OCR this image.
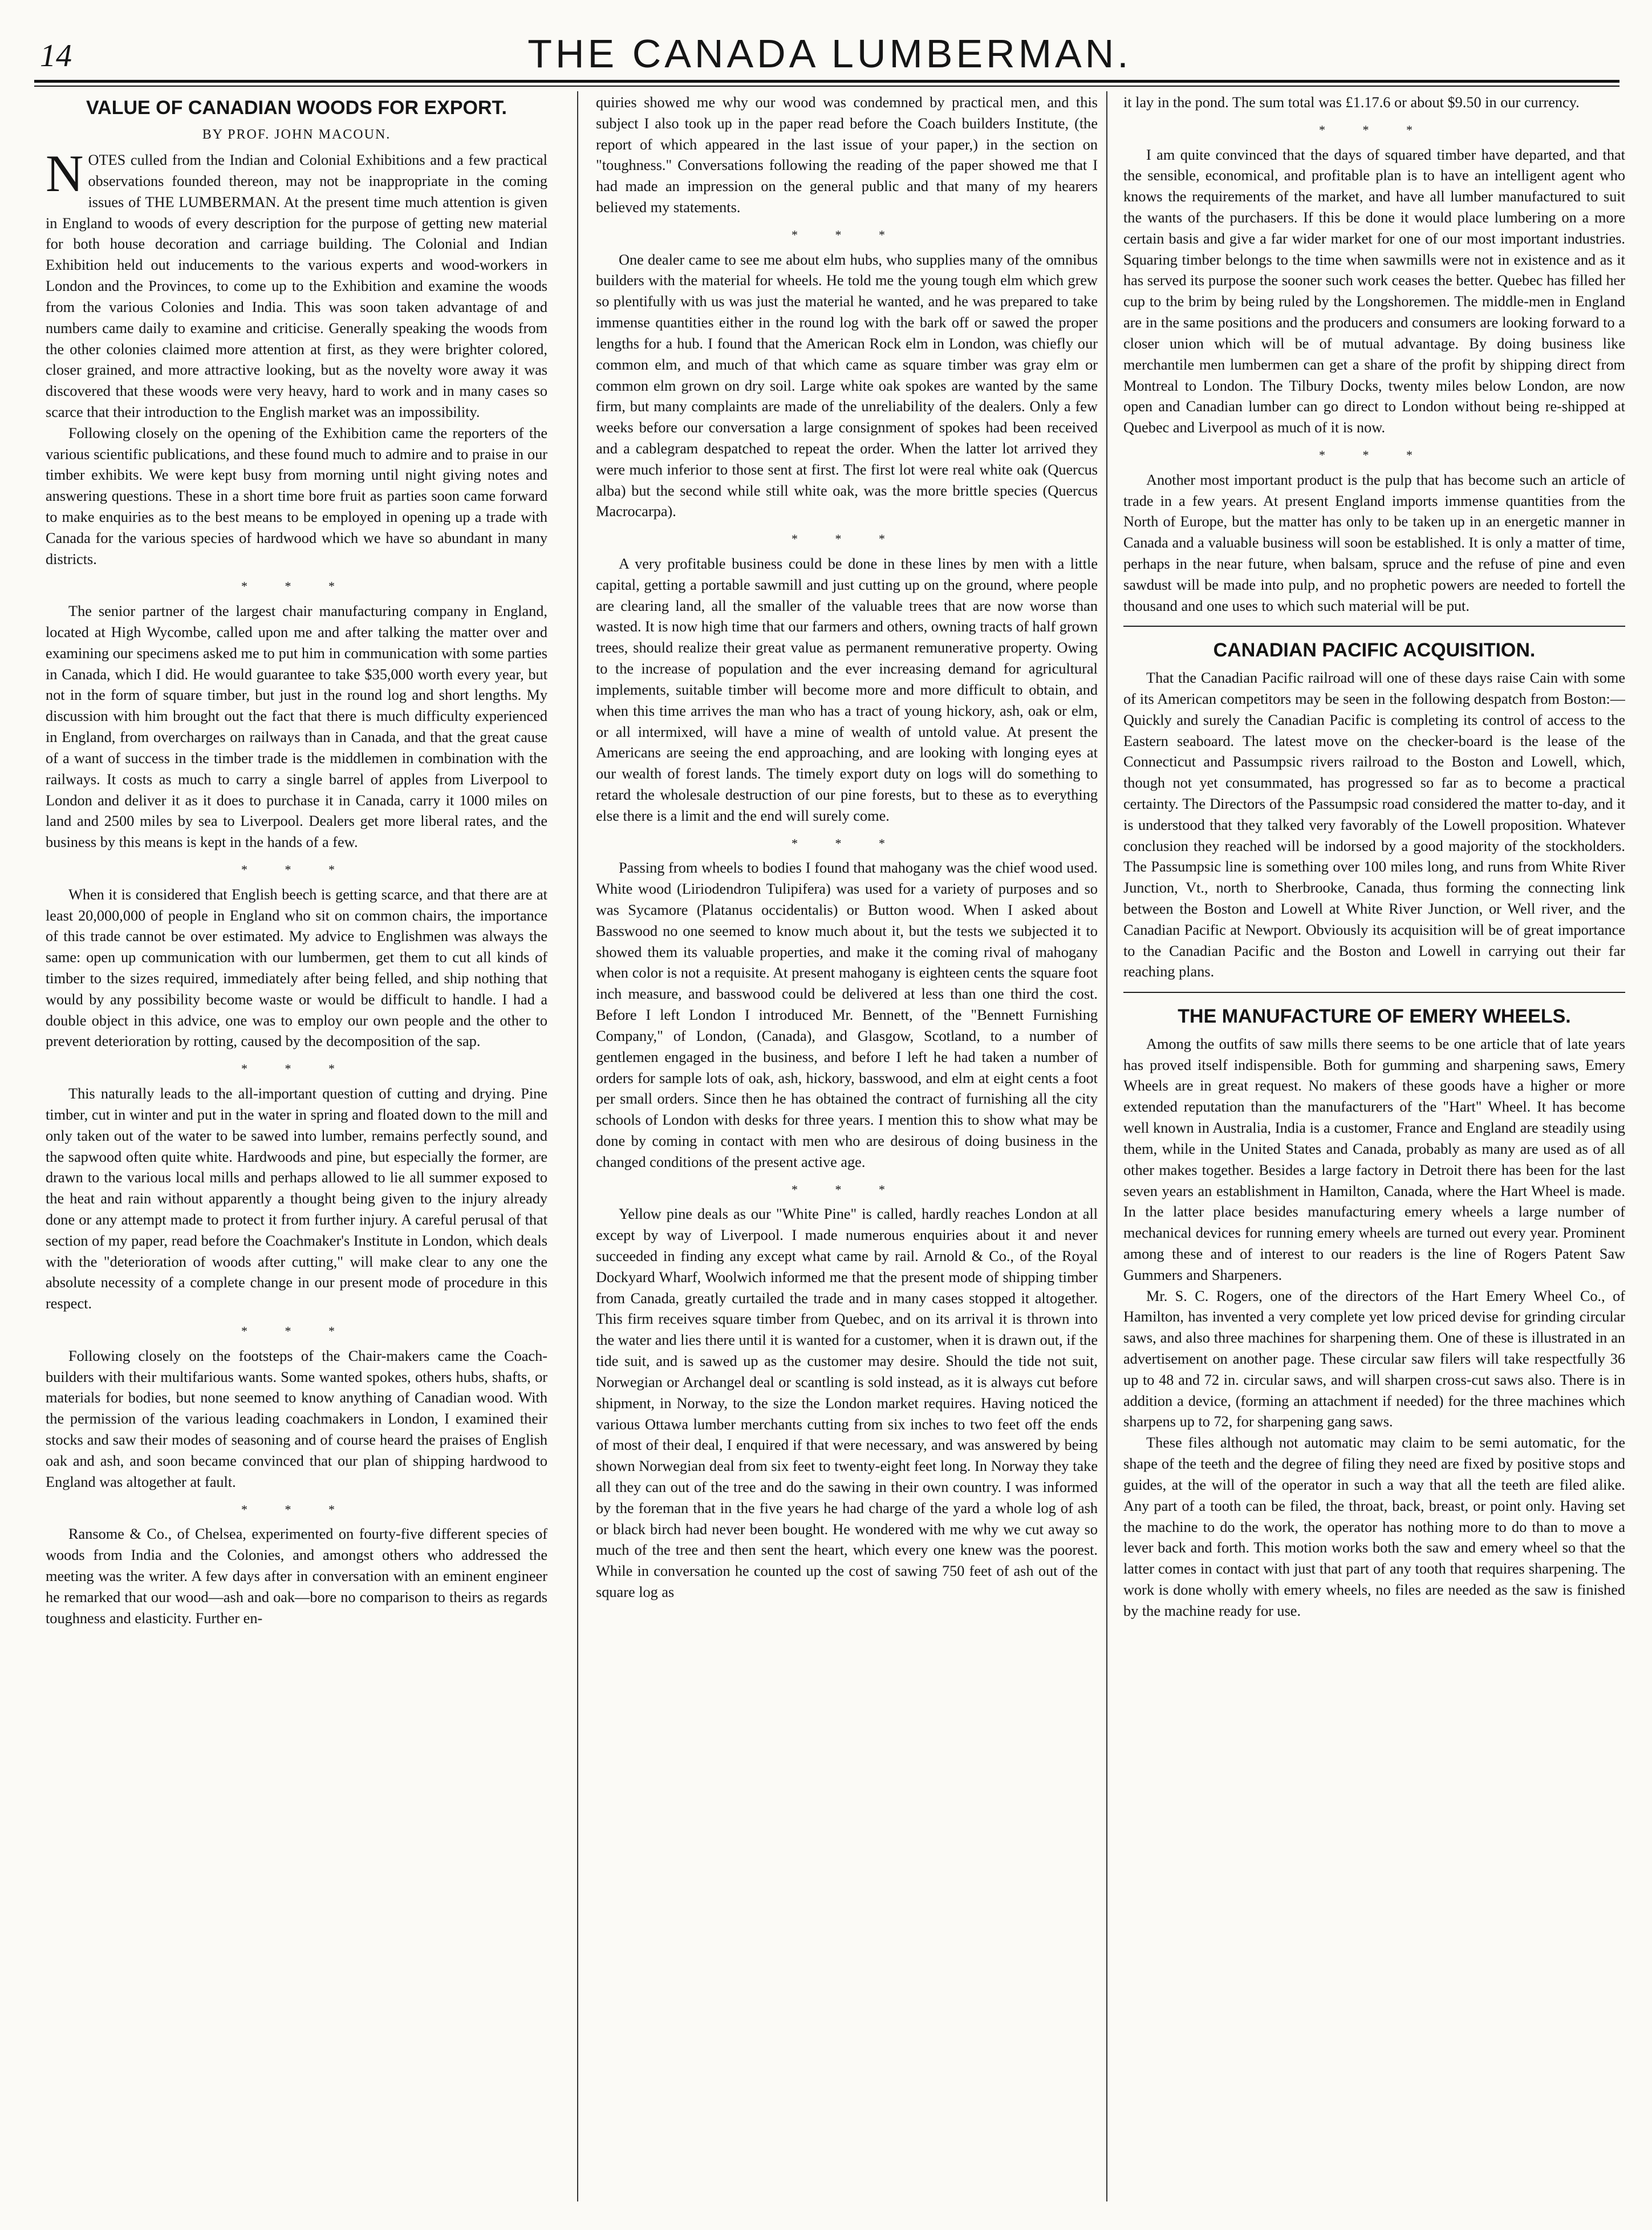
14	THE CANADA LUMBERMAN.
VALUE OF CANADIAN WOODS FOR EXPORT.
BY PROF. JOHN MACOUN.

NOTES culled from the Indian and Colonial Exhibitions and a few practical observations founded thereon, may not be inappropriate in the coming issues of THE LUMBERMAN. At the present time much attention is given in England to woods of every description for the purpose of getting new material for both house decoration and carriage building. The Colonial and Indian Exhibition held out inducements to the various experts and wood-workers in London and the Provinces, to come up to the Exhibition and examine the woods from the various Colonies and India. This was soon taken advantage of and numbers came daily to examine and criticise. Generally speaking the woods from the other colonies claimed more attention at first, as they were brighter colored, closer grained, and more attractive looking, but as the novelty wore away it was discovered that these woods were very heavy, hard to work and in many cases so scarce that their introduction to the English market was an impossibility.

Following closely on the opening of the Exhibition came the reporters of the various scientific publications, and these found much to admire and to praise in our timber exhibits. We were kept busy from morning until night giving notes and answering questions. These in a short time bore fruit as parties soon came forward to make enquiries as to the best means to be employed in opening up a trade with Canada for the various species of hardwood which we have so abundant in many districts.

* * *

The senior partner of the largest chair manufacturing company in England, located at High Wycombe, called upon me and after talking the matter over and examining our specimens asked me to put him in communication with some parties in Canada, which I did. He would guarantee to take $35,000 worth every year, but not in the form of square timber, but just in the round log and short lengths. My discussion with him brought out the fact that there is much difficulty experienced in England, from overcharges on railways than in Canada, and that the great cause of a want of success in the timber trade is the middlemen in combination with the railways. It costs as much to carry a single barrel of apples from Liverpool to London and deliver it as it does to purchase it in Canada, carry it 1000 miles on land and 2500 miles by sea to Liverpool. Dealers get more liberal rates, and the business by this means is kept in the hands of a few.

* * *

When it is considered that English beech is getting scarce, and that there are at least 20,000,000 of people in England who sit on common chairs, the importance of this trade cannot be over estimated. My advice to Englishmen was always the same: open up communication with our lumbermen, get them to cut all kinds of timber to the sizes required, immediately after being felled, and ship nothing that would by any possibility become waste or would be difficult to handle. I had a double object in this advice, one was to employ our own people and the other to prevent deterioration by rotting, caused by the decomposition of the sap.

* * *

This naturally leads to the all-important question of cutting and drying. Pine timber, cut in winter and put in the water in spring and floated down to the mill and only taken out of the water to be sawed into lumber, remains perfectly sound, and the sapwood often quite white. Hardwoods and pine, but especially the former, are drawn to the various local mills and perhaps allowed to lie all summer exposed to the heat and rain without apparently a thought being given to the injury already done or any attempt made to protect it from further injury. A careful perusal of that section of my paper, read before the Coachmaker's Institute in London, which deals with the "deterioration of woods after cutting," will make clear to any one the absolute necessity of a complete change in our present mode of procedure in this respect.

* * *

Following closely on the footsteps of the Chair-makers came the Coach-builders with their multifarious wants. Some wanted spokes, others hubs, shafts, or materials for bodies, but none seemed to know anything of Canadian wood. With the permission of the various leading coachmakers in London, I examined their stocks and saw their modes of seasoning and of course heard the praises of English oak and ash, and soon became convinced that our plan of shipping hardwood to England was altogether at fault.

* * *

Ransome & Co., of Chelsea, experimented on fourty-five different species of woods from India and the Colonies, and amongst others who addressed the meeting was the writer. A few days after in conversation with an eminent engineer he remarked that our wood—ash and oak—bore no comparison to theirs as regards toughness and elasticity. Further en-

quiries showed me why our wood was condemned by practical men, and this subject I also took up in the paper read before the Coach builders Institute, (the report of which appeared in the last issue of your paper,) in the section on "toughness." Conversations following the reading of the paper showed me that I had made an impression on the general public and that many of my hearers believed my statements.

* * *

One dealer came to see me about elm hubs, who supplies many of the omnibus builders with the material for wheels. He told me the young tough elm which grew so plentifully with us was just the material he wanted, and he was prepared to take immense quantities either in the round log with the bark off or sawed the proper lengths for a hub. I found that the American Rock elm in London, was chiefly our common elm, and much of that which came as square timber was gray elm or common elm grown on dry soil. Large white oak spokes are wanted by the same firm, but many complaints are made of the unreliability of the dealers. Only a few weeks before our conversation a large consignment of spokes had been received and a cablegram despatched to repeat the order. When the latter lot arrived they were much inferior to those sent at first. The first lot were real white oak (Quercus alba) but the second while still white oak, was the more brittle species (Quercus Macrocarpa).

* * *

A very profitable business could be done in these lines by men with a little capital, getting a portable sawmill and just cutting up on the ground, where people are clearing land, all the smaller of the valuable trees that are now worse than wasted. It is now high time that our farmers and others, owning tracts of half grown trees, should realize their great value as permanent remunerative property. Owing to the increase of population and the ever increasing demand for agricultural implements, suitable timber will become more and more difficult to obtain, and when this time arrives the man who has a tract of young hickory, ash, oak or elm, or all intermixed, will have a mine of wealth of untold value. At present the Americans are seeing the end approaching, and are looking with longing eyes at our wealth of forest lands. The timely export duty on logs will do something to retard the wholesale destruction of our pine forests, but to these as to everything else there is a limit and the end will surely come.

* * *

Passing from wheels to bodies I found that mahogany was the chief wood used. White wood (Liriodendron Tulipifera) was used for a variety of purposes and so was Sycamore (Platanus occidentalis) or Button wood. When I asked about Basswood no one seemed to know much about it, but the tests we subjected it to showed them its valuable properties, and make it the coming rival of mahogany when color is not a requisite. At present mahogany is eighteen cents the square foot inch measure, and basswood could be delivered at less than one third the cost. Before I left London I introduced Mr. Bennett, of the "Bennett Furnishing Company," of London, (Canada), and Glasgow, Scotland, to a number of gentlemen engaged in the business, and before I left he had taken a number of orders for sample lots of oak, ash, hickory, basswood, and elm at eight cents a foot per small orders. Since then he has obtained the contract of furnishing all the city schools of London with desks for three years. I mention this to show what may be done by coming in contact with men who are desirous of doing business in the changed conditions of the present active age.

* * *

Yellow pine deals as our "White Pine" is called, hardly reaches London at all except by way of Liverpool. I made numerous enquiries about it and never succeeded in finding any except what came by rail. Arnold & Co., of the Royal Dockyard Wharf, Woolwich informed me that the present mode of shipping timber from Canada, greatly curtailed the trade and in many cases stopped it altogether. This firm receives square timber from Quebec, and on its arrival it is thrown into the water and lies there until it is wanted for a customer, when it is drawn out, if the tide suit, and is sawed up as the customer may desire. Should the tide not suit, Norwegian or Archangel deal or scantling is sold instead, as it is always cut before shipment, in Norway, to the size the London market requires. Having noticed the various Ottawa lumber merchants cutting from six inches to two feet off the ends of most of their deal, I enquired if that were necessary, and was answered by being shown Norwegian deal from six feet to twenty-eight feet long. In Norway they take all they can out of the tree and do the sawing in their own country. I was informed by the foreman that in the five years he had charge of the yard a whole log of ash or black birch had never been bought. He wondered with me why we cut away so much of the tree and then sent the heart, which every one knew was the poorest. While in conversation he counted up the cost of sawing 750 feet of ash out of the square log as

it lay in the pond. The sum total was £1.17.6 or about $9.50 in our currency.

* * *

I am quite convinced that the days of squared timber have departed, and that the sensible, economical, and profitable plan is to have an intelligent agent who knows the requirements of the market, and have all lumber manufactured to suit the wants of the purchasers. If this be done it would place lumbering on a more certain basis and give a far wider market for one of our most important industries. Squaring timber belongs to the time when sawmills were not in existence and as it has served its purpose the sooner such work ceases the better. Quebec has filled her cup to the brim by being ruled by the Longshoremen. The middle-men in England are in the same positions and the producers and consumers are looking forward to a closer union which will be of mutual advantage. By doing business like merchantile men lumbermen can get a share of the profit by shipping direct from Montreal to London. The Tilbury Docks, twenty miles below London, are now open and Canadian lumber can go direct to London without being re-shipped at Quebec and Liverpool as much of it is now.

* * *

Another most important product is the pulp that has become such an article of trade in a few years. At present England imports immense quantities from the North of Europe, but the matter has only to be taken up in an energetic manner in Canada and a valuable business will soon be established. It is only a matter of time, perhaps in the near future, when balsam, spruce and the refuse of pine and even sawdust will be made into pulp, and no prophetic powers are needed to fortell the thousand and one uses to which such material will be put.

CANADIAN PACIFIC ACQUISITION.

That the Canadian Pacific railroad will one of these days raise Cain with some of its American competitors may be seen in the following despatch from Boston:—Quickly and surely the Canadian Pacific is completing its control of access to the Eastern seaboard. The latest move on the checker-board is the lease of the Connecticut and Passumpsic rivers railroad to the Boston and Lowell, which, though not yet consummated, has progressed so far as to become a practical certainty. The Directors of the Passumpsic road considered the matter to-day, and it is understood that they talked very favorably of the Lowell proposition. Whatever conclusion they reached will be indorsed by a good majority of the stockholders. The Passumpsic line is something over 100 miles long, and runs from White River Junction, Vt., north to Sherbrooke, Canada, thus forming the connecting link between the Boston and Lowell at White River Junction, or Well river, and the Canadian Pacific at Newport. Obviously its acquisition will be of great importance to the Canadian Pacific and the Boston and Lowell in carrying out their far reaching plans.

THE MANUFACTURE OF EMERY WHEELS.

Among the outfits of saw mills there seems to be one article that of late years has proved itself indispensible. Both for gumming and sharpening saws, Emery Wheels are in great request. No makers of these goods have a higher or more extended reputation than the manufacturers of the "Hart" Wheel. It has become well known in Australia, India is a customer, France and England are steadily using them, while in the United States and Canada, probably as many are used as of all other makes together. Besides a large factory in Detroit there has been for the last seven years an establishment in Hamilton, Canada, where the Hart Wheel is made. In the latter place besides manufacturing emery wheels a large number of mechanical devices for running emery wheels are turned out every year. Prominent among these and of interest to our readers is the line of Rogers Patent Saw Gummers and Sharpeners.

Mr. S. C. Rogers, one of the directors of the Hart Emery Wheel Co., of Hamilton, has invented a very complete yet low priced devise for grinding circular saws, and also three machines for sharpening them. One of these is illustrated in an advertisement on another page. These circular saw filers will take respectfully 36 up to 48 and 72 in. circular saws, and will sharpen cross-cut saws also. There is in addition a device, (forming an attachment if needed) for the three machines which sharpens up to 72, for sharpening gang saws.

These files although not automatic may claim to be semi automatic, for the shape of the teeth and the degree of filing they need are fixed by positive stops and guides, at the will of the operator in such a way that all the teeth are filed alike. Any part of a tooth can be filed, the throat, back, breast, or point only. Having set the machine to do the work, the operator has nothing more to do than to move a lever back and forth. This motion works both the saw and emery wheel so that the latter comes in contact with just that part of any tooth that requires sharpening. The work is done wholly with emery wheels, no files are needed as the saw is finished by the machine ready for use.
